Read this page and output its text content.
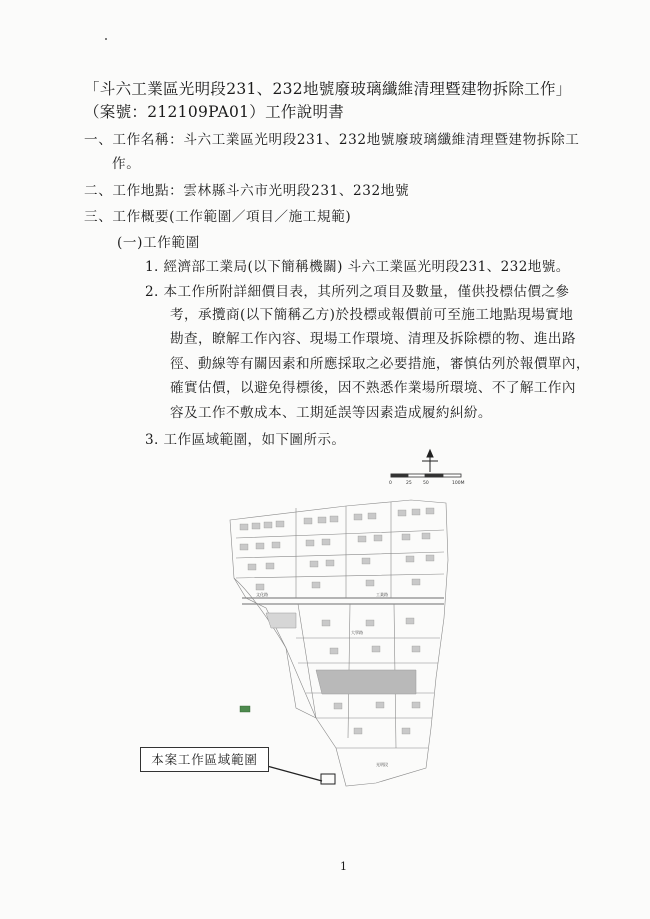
「斗六工業區光明段231、232地號廢玻璃纖維清理暨建物拆除工作」
（案號：212109PA01）工作說明書
一、工作名稱：斗六工業區光明段231、232地號廢玻璃纖維清理暨建物拆除工
作。
二、工作地點：雲林縣斗六市光明段231、232地號
三、工作概要(工作範圍／項目／施工規範)
(一)工作範圍
1. 經濟部工業局(以下簡稱機關) 斗六工業區光明段231、232地號。
2. 本工作所附詳細價目表，其所列之項目及數量，僅供投標估價之參
考，承攬商(以下簡稱乙方)於投標或報價前可至施工地點現場實地
勘查，瞭解工作內容、現場工作環境、清理及拆除標的物、進出路
徑、動線等有關因素和所應採取之必要措施，審慎估列於報價單內，
確實估價，以避免得標後，因不熟悉作業場所環境、不了解工作內
容及工作不敷成本、工期延誤等因素造成履約糾紛。
3. 工作區域範圍，如下圖所示。
0	25	50	100M
工業路
文化路
大學路
光明段
本案工作區域範圍
1
